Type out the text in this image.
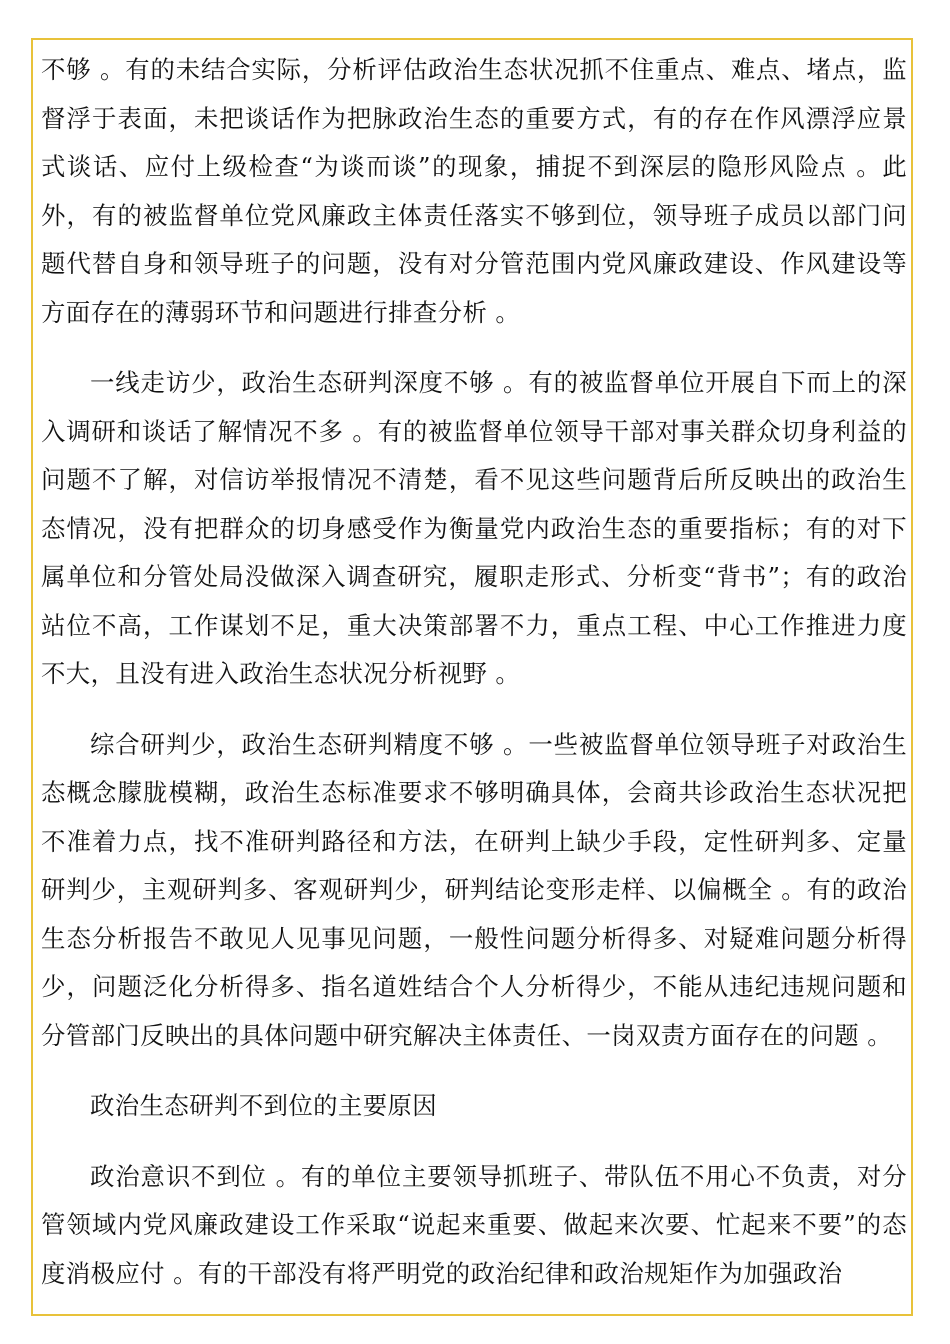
不够 。有的未结合实际，分析评估政治生态状况抓不住重点、难点、堵点，监督浮于表面，未把谈话作为把脉政治生态的重要方式，有的存在作风漂浮应景式谈话、应付上级检查“为谈而谈”的现象，捕捉不到深层的隐形风险点 。此外，有的被监督单位党风廉政主体责任落实不够到位，领导班子成员以部门问题代替自身和领导班子的问题，没有对分管范围内党风廉政建设、作风建设等方面存在的薄弱环节和问题进行排查分析 。

一线走访少，政治生态研判深度不够 。有的被监督单位开展自下而上的深入调研和谈话了解情况不多 。有的被监督单位领导干部对事关群众切身利益的问题不了解，对信访举报情况不清楚，看不见这些问题背后所反映出的政治生态情况，没有把群众的切身感受作为衡量党内政治生态的重要指标；有的对下属单位和分管处局没做深入调查研究，履职走形式、分析变“背书”；有的政治站位不高，工作谋划不足，重大决策部署不力，重点工程、中心工作推进力度不大，且没有进入政治生态状况分析视野 。

综合研判少，政治生态研判精度不够 。一些被监督单位领导班子对政治生态概念朦胧模糊，政治生态标准要求不够明确具体，会商共诊政治生态状况把不准着力点，找不准研判路径和方法，在研判上缺少手段，定性研判多、定量研判少，主观研判多、客观研判少，研判结论变形走样、以偏概全 。有的政治生态分析报告不敢见人见事见问题，一般性问题分析得多、对疑难问题分析得少，问题泛化分析得多、指名道姓结合个人分析得少，不能从违纪违规问题和分管部门反映出的具体问题中研究解决主体责任、一岗双责方面存在的问题 。

政治生态研判不到位的主要原因

政治意识不到位 。有的单位主要领导抓班子、带队伍不用心不负责，对分管领域内党风廉政建设工作采取“说起来重要、做起来次要、忙起来不要”的态度消极应付 。有的干部没有将严明党的政治纪律和政治规矩作为加强政治
